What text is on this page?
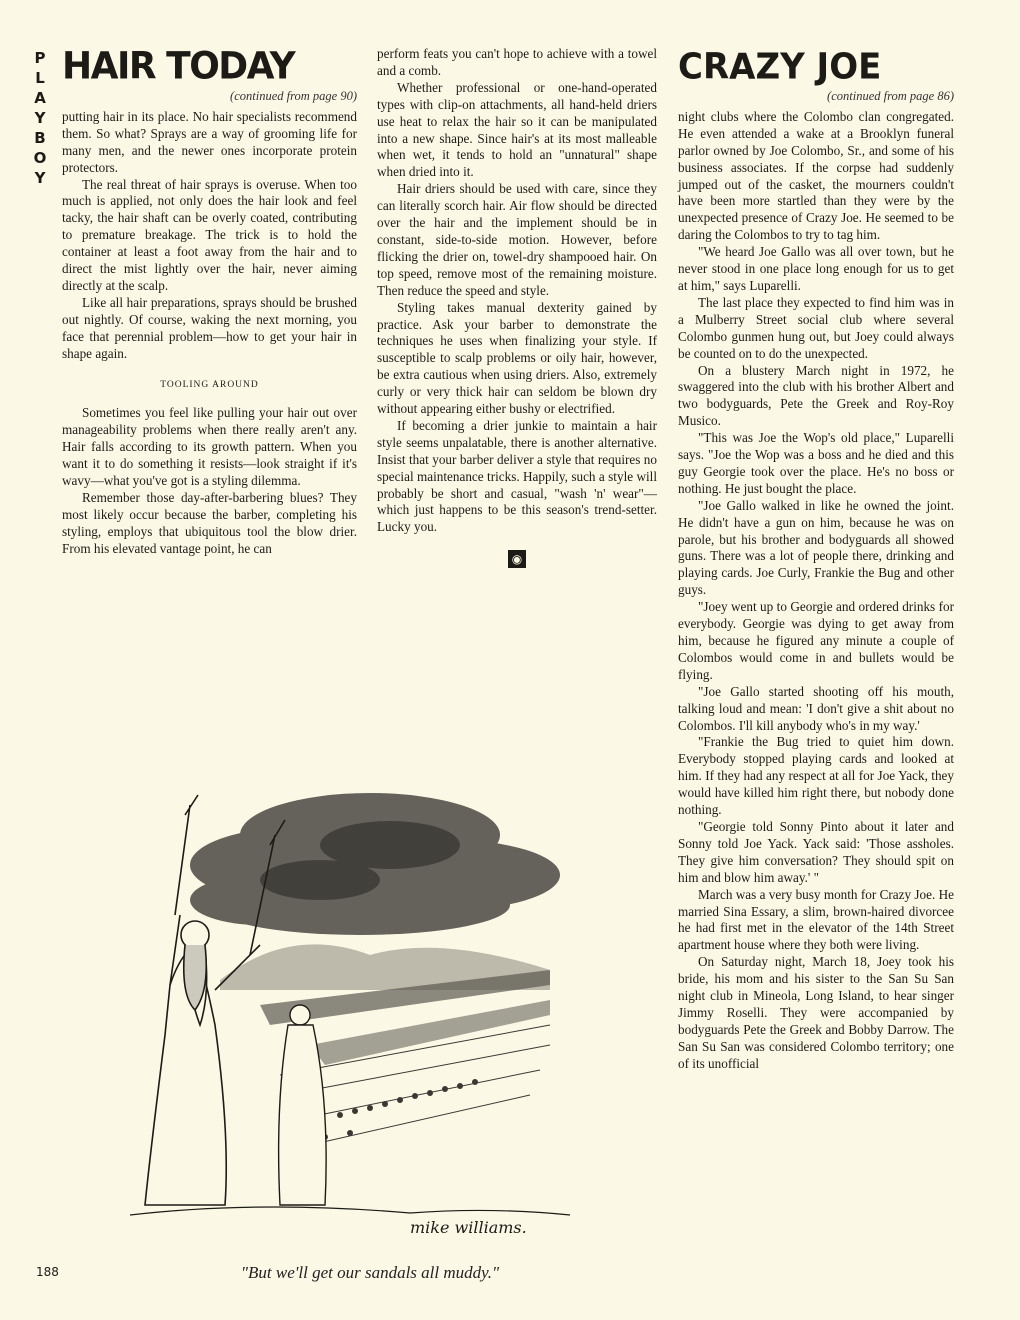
P
L
A
Y
B
O
Y
HAIR TODAY
(continued from page 90)

putting hair in its place. No hair specialists recommend them. So what? Sprays are a way of grooming life for many men, and the newer ones incorporate protein protectors.

The real threat of hair sprays is overuse. When too much is applied, not only does the hair look and feel tacky, the hair shaft can be overly coated, contributing to premature breakage. The trick is to hold the container at least a foot away from the hair and to direct the mist lightly over the hair, never aiming directly at the scalp.

Like all hair preparations, sprays should be brushed out nightly. Of course, waking the next morning, you face that perennial problem—how to get your hair in shape again.

TOOLING AROUND

Sometimes you feel like pulling your hair out over manageability problems when there really aren't any. Hair falls according to its growth pattern. When you want it to do something it resists—look straight if it's wavy—what you've got is a styling dilemma.

Remember those day-after-barbering blues? They most likely occur because the barber, completing his styling, employs that ubiquitous tool the blow drier. From his elevated vantage point, he can

perform feats you can't hope to achieve with a towel and a comb.

Whether professional or one-hand-operated types with clip-on attachments, all hand-held driers use heat to relax the hair so it can be manipulated into a new shape. Since hair's at its most malleable when wet, it tends to hold an "unnatural" shape when dried into it.

Hair driers should be used with care, since they can literally scorch hair. Air flow should be directed over the hair and the implement should be in constant, side-to-side motion. However, before flicking the drier on, towel-dry shampooed hair. On top speed, remove most of the remaining moisture. Then reduce the speed and style.

Styling takes manual dexterity gained by practice. Ask your barber to demonstrate the techniques he uses when finalizing your style. If susceptible to scalp problems or oily hair, however, be extra cautious when using driers. Also, extremely curly or very thick hair can seldom be blown dry without appearing either bushy or electrified.

If becoming a drier junkie to maintain a hair style seems unpalatable, there is another alternative. Insist that your barber deliver a style that requires no special maintenance tricks. Happily, such a style will probably be short and casual, "wash 'n' wear"—which just happens to be this season's trend-setter. Lucky you.

◉
CRAZY JOE
(continued from page 86)

night clubs where the Colombo clan congregated. He even attended a wake at a Brooklyn funeral parlor owned by Joe Colombo, Sr., and some of his business associates. If the corpse had suddenly jumped out of the casket, the mourners couldn't have been more startled than they were by the unexpected presence of Crazy Joe. He seemed to be daring the Colombos to try to tag him.

"We heard Joe Gallo was all over town, but he never stood in one place long enough for us to get at him," says Luparelli.

The last place they expected to find him was in a Mulberry Street social club where several Colombo gunmen hung out, but Joey could always be counted on to do the unexpected.

On a blustery March night in 1972, he swaggered into the club with his brother Albert and two bodyguards, Pete the Greek and Roy-Roy Musico.

"This was Joe the Wop's old place," Luparelli says. "Joe the Wop was a boss and he died and this guy Georgie took over the place. He's no boss or nothing. He just bought the place.

"Joe Gallo walked in like he owned the joint. He didn't have a gun on him, because he was on parole, but his brother and bodyguards all showed guns. There was a lot of people there, drinking and playing cards. Joe Curly, Frankie the Bug and other guys.

"Joey went up to Georgie and ordered drinks for everybody. Georgie was dying to get away from him, because he figured any minute a couple of Colombos would come in and bullets would be flying.

"Joe Gallo started shooting off his mouth, talking loud and mean: 'I don't give a shit about no Colombos. I'll kill anybody who's in my way.'

"Frankie the Bug tried to quiet him down. Everybody stopped playing cards and looked at him. If they had any respect at all for Joe Yack, they would have killed him right there, but nobody done nothing.

"Georgie told Sonny Pinto about it later and Sonny told Joe Yack. Yack said: 'Those assholes. They give him conversation? They should spit on him and blow him away.' "

March was a very busy month for Crazy Joe. He married Sina Essary, a slim, brown-haired divorcee he had first met in the elevator of the 14th Street apartment house where they both were living.

On Saturday night, March 18, Joey took his bride, his mom and his sister to the San Su San night club in Mineola, Long Island, to hear singer Jimmy Roselli. They were accompanied by bodyguards Pete the Greek and Bobby Darrow. The San Su San was considered Colombo territory; one of its unofficial

mike williams.
"But we'll get our sandals all muddy."
188
